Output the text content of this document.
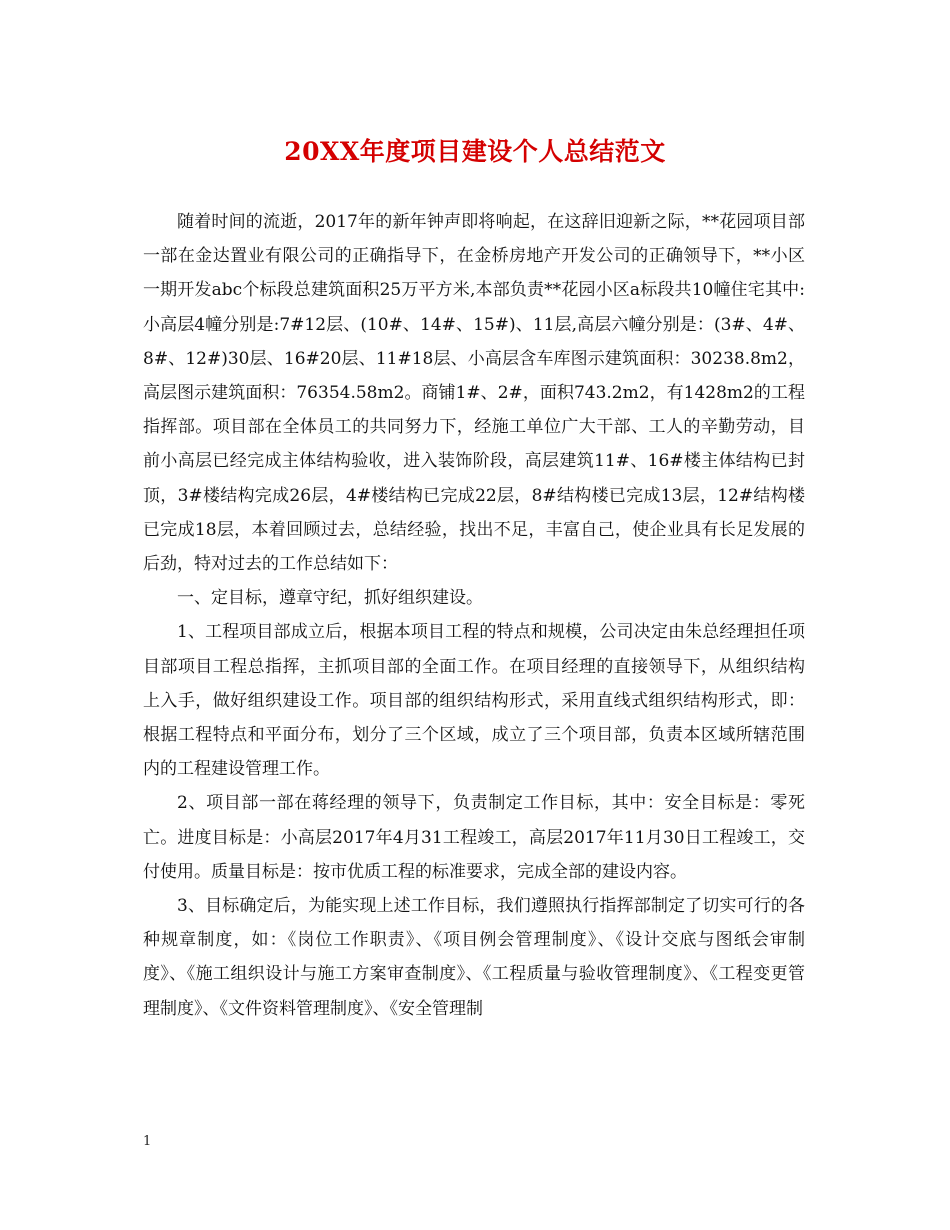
20XX年度项目建设个人总结范文

随着时间的流逝，2017年的新年钟声即将响起，在这辞旧迎新之际，**花园项目部一部在金达置业有限公司的正确指导下，在金桥房地产开发公司的正确领导下，**小区一期开发abc个标段总建筑面积25万平方米,本部负责**花园小区a标段共10幢住宅其中:小高层4幢分别是:7#12层、(10#、14#、15#)、11层,高层六幢分别是：(3#、4#、8#、12#)30层、16#20层、11#18层、小高层含车库图示建筑面积：30238.8m2，高层图示建筑面积：76354.58m2。商铺1#、2#，面积743.2m2，有1428m2的工程指挥部。项目部在全体员工的共同努力下，经施工单位广大干部、工人的辛勤劳动，目前小高层已经完成主体结构验收，进入装饰阶段，高层建筑11#、16#楼主体结构已封顶，3#楼结构完成26层，4#楼结构已完成22层，8#结构楼已完成13层，12#结构楼已完成18层，本着回顾过去，总结经验，找出不足，丰富自己，使企业具有长足发展的后劲，特对过去的工作总结如下：

一、定目标，遵章守纪，抓好组织建设。

1、工程项目部成立后，根据本项目工程的特点和规模，公司决定由朱总经理担任项目部项目工程总指挥，主抓项目部的全面工作。在项目经理的直接领导下，从组织结构上入手，做好组织建设工作。项目部的组织结构形式，采用直线式组织结构形式，即：根据工程特点和平面分布，划分了三个区域，成立了三个项目部，负责本区域所辖范围内的工程建设管理工作。

2、项目部一部在蒋经理的领导下，负责制定工作目标，其中：安全目标是：零死亡。进度目标是：小高层2017年4月31工程竣工，高层2017年11月30日工程竣工，交付使用。质量目标是：按市优质工程的标准要求，完成全部的建设内容。

3、目标确定后，为能实现上述工作目标，我们遵照执行指挥部制定了切实可行的各种规章制度，如：《岗位工作职责》、《项目例会管理制度》、《设计交底与图纸会审制度》、《施工组织设计与施工方案审查制度》、《工程质量与验收管理制度》、《工程变更管理制度》、《文件资料管理制度》、《安全管理制

1
